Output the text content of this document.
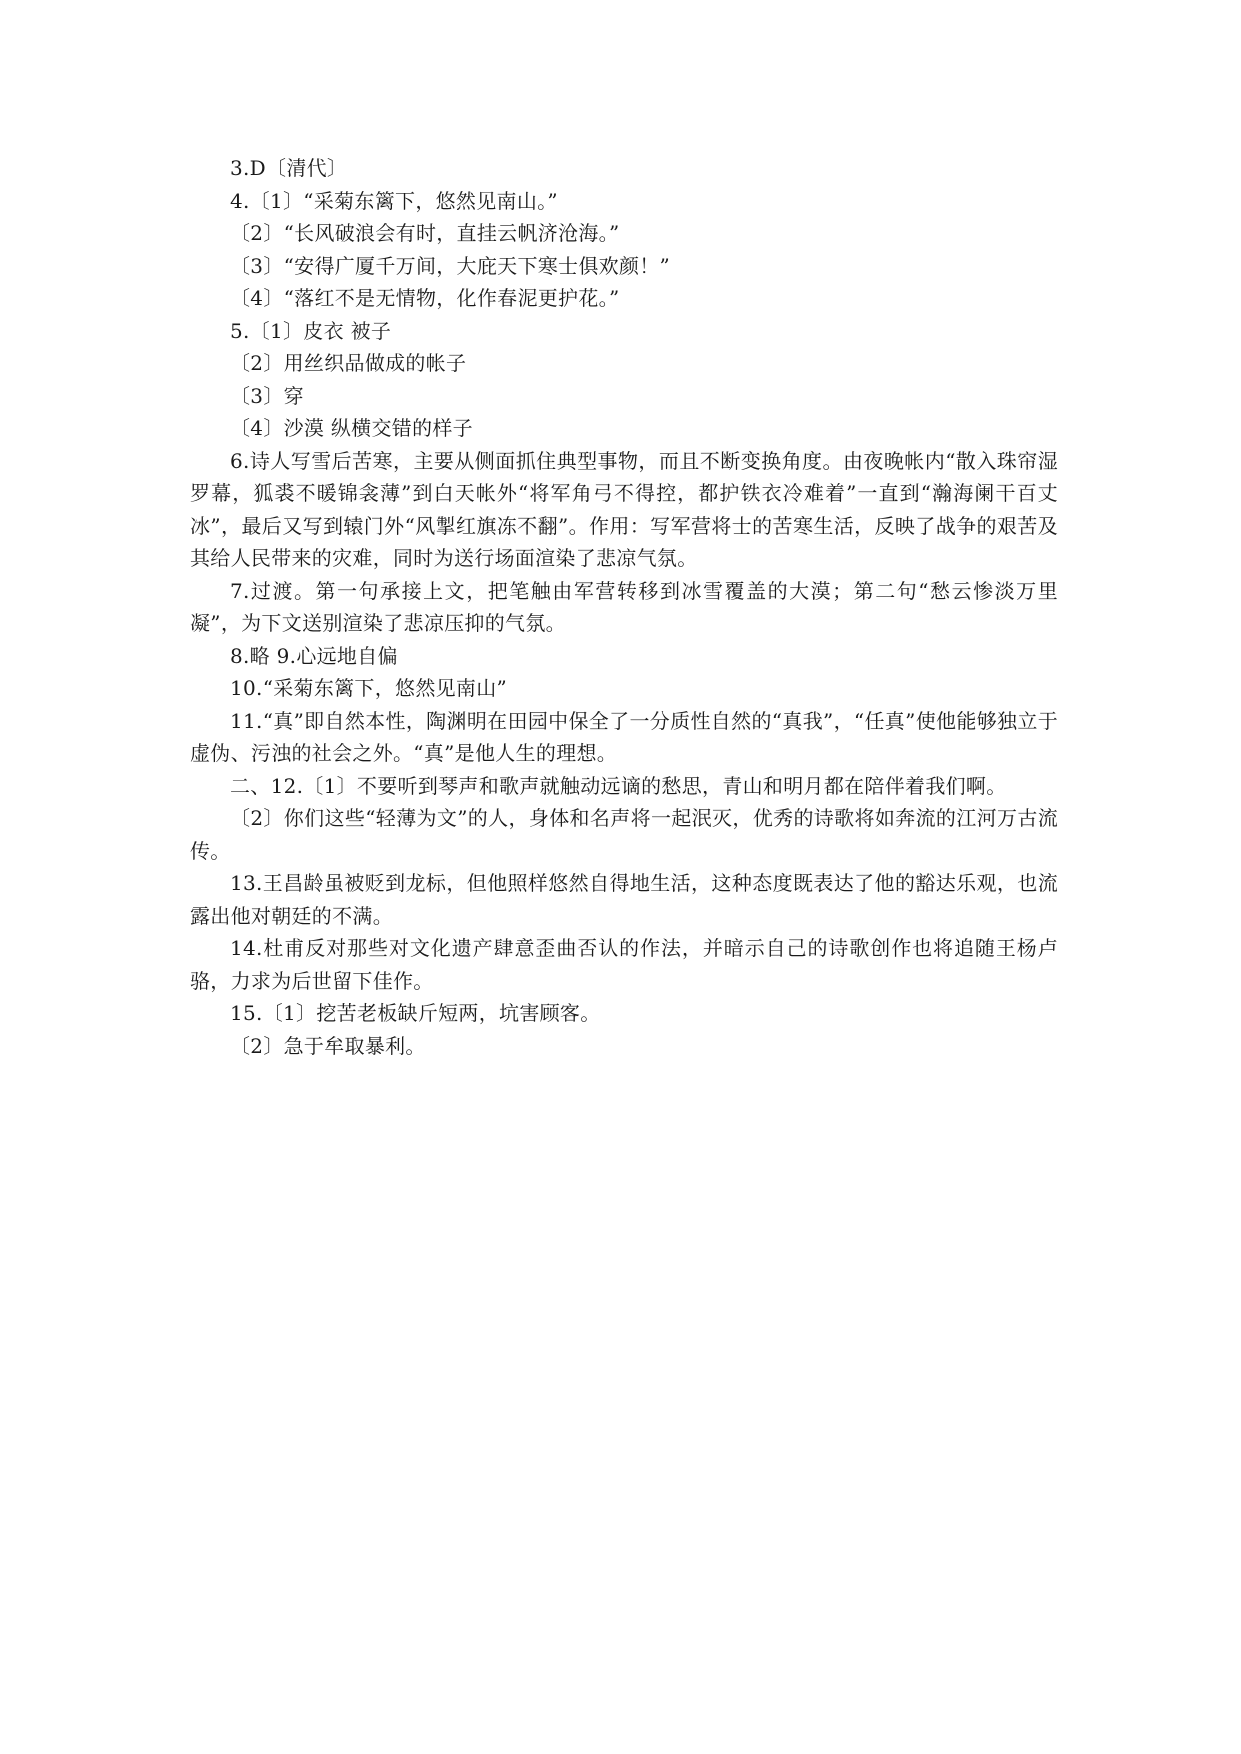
3.D〔清代〕
4.〔1〕“采菊东篱下，悠然见南山。”
〔2〕“长风破浪会有时，直挂云帆济沧海。”
〔3〕“安得广厦千万间，大庇天下寒士俱欢颜！”
〔4〕“落红不是无情物，化作春泥更护花。”
5.〔1〕皮衣 被子
〔2〕用丝织品做成的帐子
〔3〕穿
〔4〕沙漠 纵横交错的样子
6.诗人写雪后苦寒，主要从侧面抓住典型事物，而且不断变换角度。由夜晚帐内“散入珠帘湿罗幕，狐裘不暖锦衾薄”到白天帐外“将军角弓不得控，都护铁衣冷难着”一直到“瀚海阑干百丈冰”，最后又写到辕门外“风掣红旗冻不翻”。作用：写军营将士的苦寒生活，反映了战争的艰苦及其给人民带来的灾难，同时为送行场面渲染了悲凉气氛。
7.过渡。第一句承接上文，把笔触由军营转移到冰雪覆盖的大漠；第二句“愁云惨淡万里凝”，为下文送别渲染了悲凉压抑的气氛。
8.略 9.心远地自偏
10.“采菊东篱下，悠然见南山”
11.“真”即自然本性，陶渊明在田园中保全了一分质性自然的“真我”，“任真”使他能够独立于虚伪、污浊的社会之外。“真”是他人生的理想。
二、12.〔1〕不要听到琴声和歌声就触动远谪的愁思，青山和明月都在陪伴着我们啊。
〔2〕你们这些“轻薄为文”的人，身体和名声将一起泯灭，优秀的诗歌将如奔流的江河万古流传。
13.王昌龄虽被贬到龙标，但他照样悠然自得地生活，这种态度既表达了他的豁达乐观，也流露出他对朝廷的不满。
14.杜甫反对那些对文化遗产肆意歪曲否认的作法，并暗示自己的诗歌创作也将追随王杨卢骆，力求为后世留下佳作。
15.〔1〕挖苦老板缺斤短两，坑害顾客。
〔2〕急于牟取暴利。
